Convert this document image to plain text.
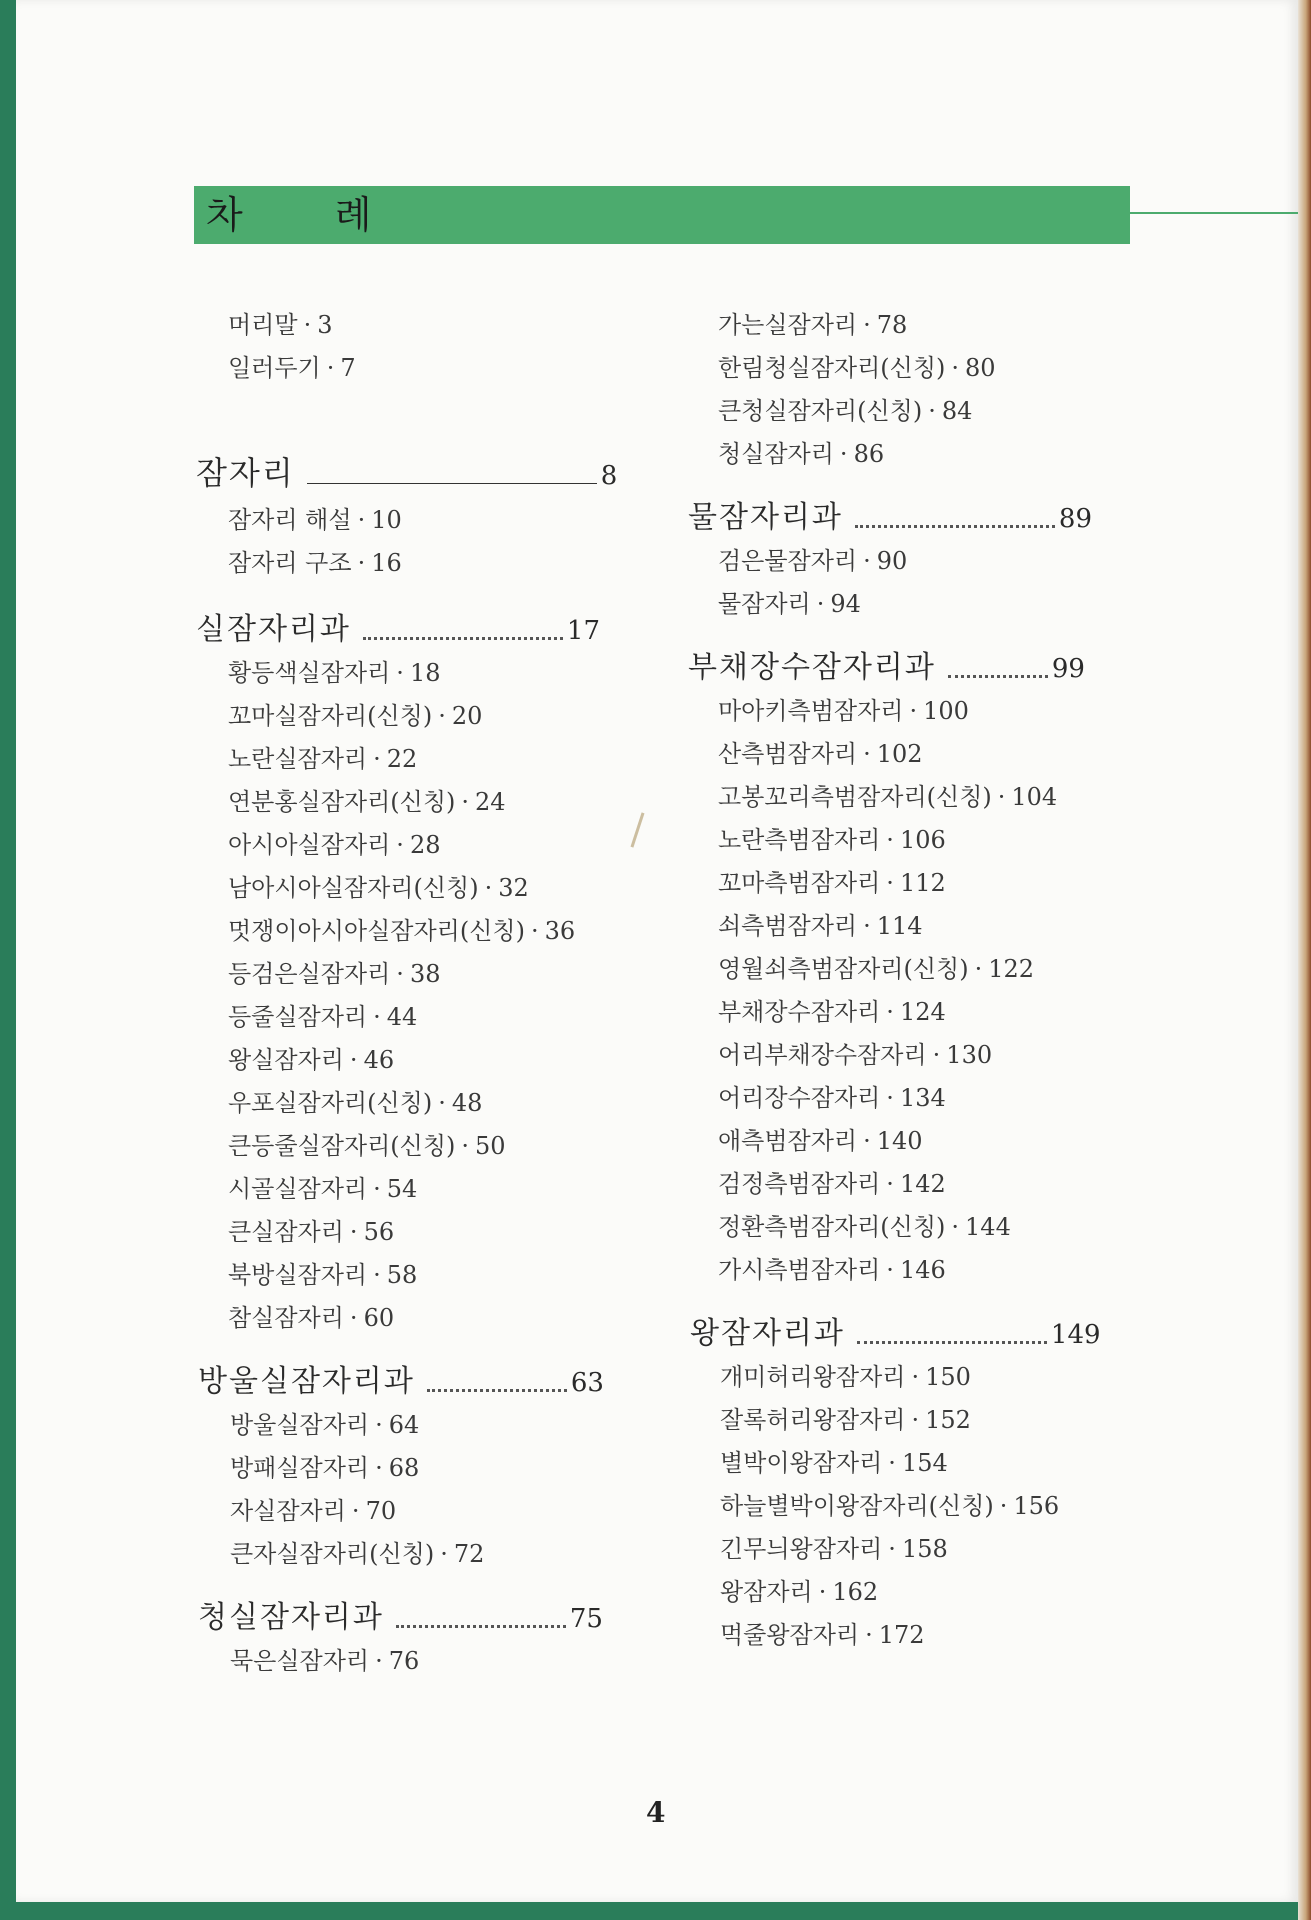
차 례
머리말 · 3
일러두기 · 7
잠자리	8
잠자리 해설 · 10
잠자리 구조 · 16
실잠자리과	17
황등색실잠자리 · 18
꼬마실잠자리(신칭) · 20
노란실잠자리 · 22
연분홍실잠자리(신칭) · 24
아시아실잠자리 · 28
남아시아실잠자리(신칭) · 32
멋쟁이아시아실잠자리(신칭) · 36
등검은실잠자리 · 38
등줄실잠자리 · 44
왕실잠자리 · 46
우포실잠자리(신칭) · 48
큰등줄실잠자리(신칭) · 50
시골실잠자리 · 54
큰실잠자리 · 56
북방실잠자리 · 58
참실잠자리 · 60
방울실잠자리과	63
방울실잠자리 · 64
방패실잠자리 · 68
자실잠자리 · 70
큰자실잠자리(신칭) · 72
청실잠자리과	75
묵은실잠자리 · 76
가는실잠자리 · 78
한림청실잠자리(신칭) · 80
큰청실잠자리(신칭) · 84
청실잠자리 · 86
물잠자리과	89
검은물잠자리 · 90
물잠자리 · 94
부채장수잠자리과	99
마아키측범잠자리 · 100
산측범잠자리 · 102
고봉꼬리측범잠자리(신칭) · 104
노란측범잠자리 · 106
꼬마측범잠자리 · 112
쇠측범잠자리 · 114
영월쇠측범잠자리(신칭) · 122
부채장수잠자리 · 124
어리부채장수잠자리 · 130
어리장수잠자리 · 134
애측범잠자리 · 140
검정측범잠자리 · 142
정환측범잠자리(신칭) · 144
가시측범잠자리 · 146
왕잠자리과	149
개미허리왕잠자리 · 150
잘록허리왕잠자리 · 152
별박이왕잠자리 · 154
하늘별박이왕잠자리(신칭) · 156
긴무늬왕잠자리 · 158
왕잠자리 · 162
먹줄왕잠자리 · 172
4
